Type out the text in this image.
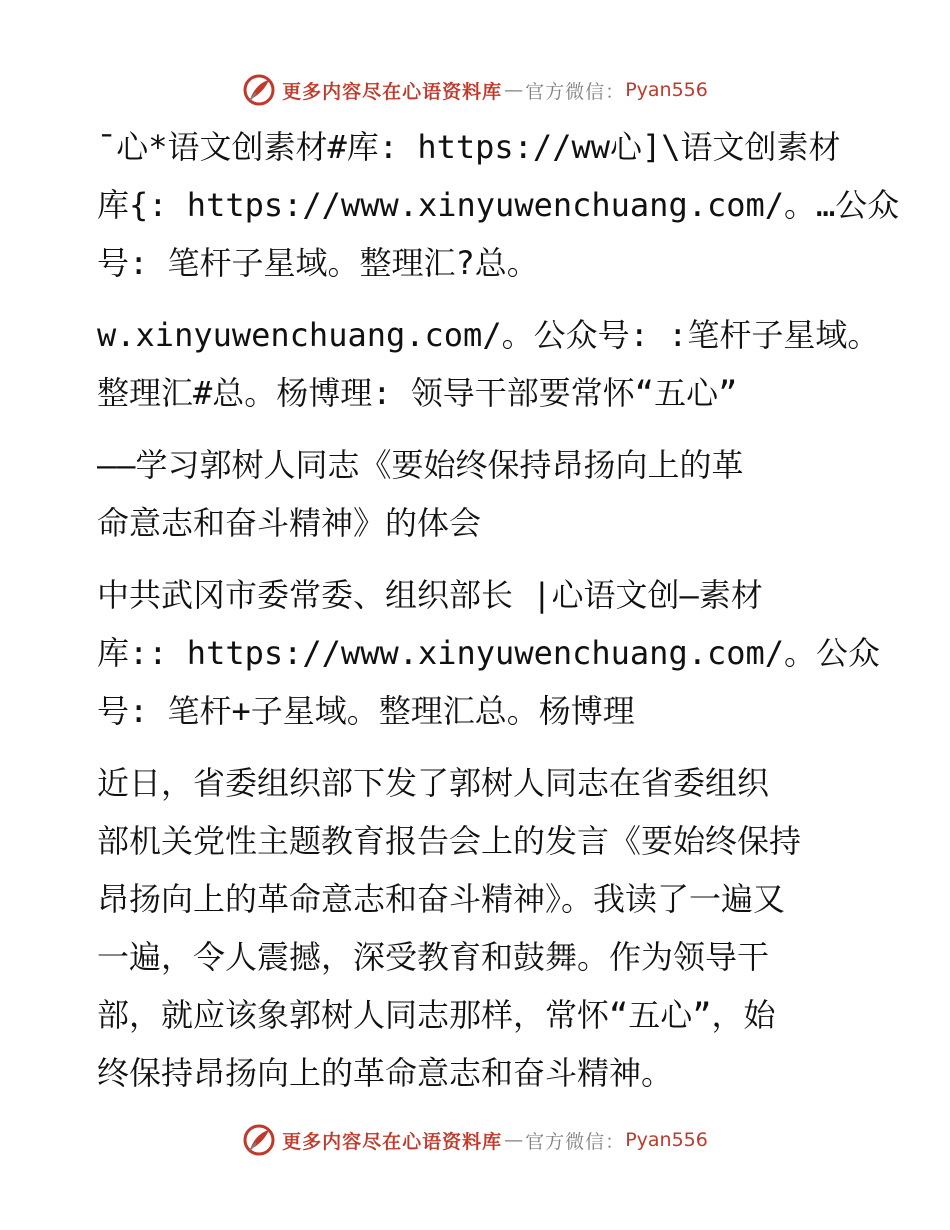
更多内容尽在心语资料库 — 官方微信： Pyan556

¯心*语文创素材#库: https://ww心]\语文创素材

库{: https://www.xinyuwenchuang.com/。…公众

号: 笔杆子星域。整理汇?总。

w.xinyuwenchuang.com/。公众号: :笔杆子星域。

整理汇#总。杨博理: 领导干部要常怀“五心”

——学习郭树人同志《要始终保持昂扬向上的革

命意志和奋斗精神》的体会

中共武冈市委常委、组织部长 |心语文创—素材

库:: https://www.xinyuwenchuang.com/。公众

号: 笔杆+子星域。整理汇总。杨博理

近日，省委组织部下发了郭树人同志在省委组织

部机关党性主题教育报告会上的发言《要始终保持

昂扬向上的革命意志和奋斗精神》。我读了一遍又

一遍，令人震撼，深受教育和鼓舞。作为领导干

部，就应该象郭树人同志那样，常怀“五心”，始

终保持昂扬向上的革命意志和奋斗精神。

更多内容尽在心语资料库 — 官方微信： Pyan556
